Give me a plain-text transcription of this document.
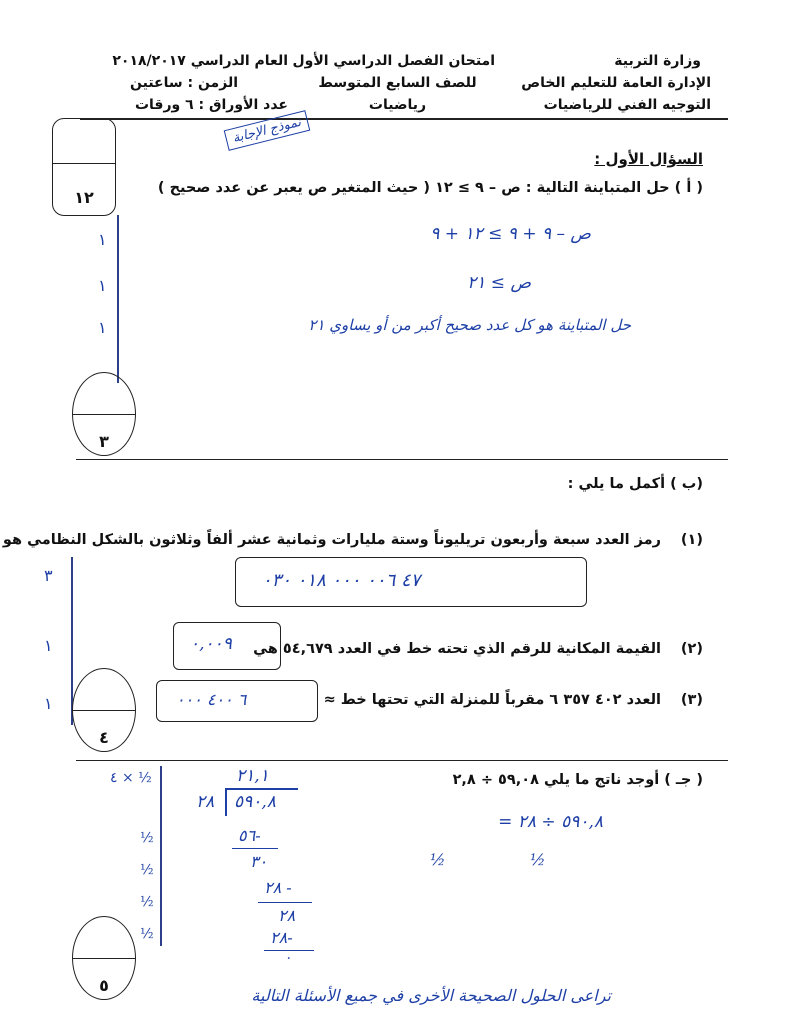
وزارة التربية
الإدارة العامة للتعليم الخاص
التوجيه الفني للرياضيات
امتحان الفصل الدراسي الأول
للصف السابع المتوسط
رياضيات
العام الدراسي ٢٠١٨/٢٠١٧
الزمن : ساعتين
عدد الأوراق : ٦ ورقات
نموذج الإجابة
السؤال الأول :
١٢	( أ ) حل المتباينة التالية : ص – ٩ ≥ ١٢ ( حيث المتغير ص يعبر عن عدد صحيح )
ص – ٩ + ٩ ≥ ١٢ + ٩
ص ≥ ٢١
حل المتباينة هو كل عدد صحيح أكبر من أو يساوي ٢١
١
١
١
٣
(ب ) أكمل ما يلي :
(١)
رمز العدد سبعة وأربعون تريليوناً وستة مليارات وثمانية عشر ألفاً وثلاثون بالشكل النظامي هو
٤٧ ٠٠٦ ٠٠٠ ٠١٨ ٠٣٠
٣
(٢)
القيمة المكانية للرقم الذي تحته خط في العدد ٥٤,٦٧٩ هي
٠,٠٠٩
١
(٣)
العدد ٤٠٢ ٣٥٧ ٦ مقرباً للمنزلة التي تحتها خط ≈
٦ ٤٠٠ ٠٠٠
١
٤
( جـ ) أوجد ناتج ما يلي ٥٩,٠٨ ÷ ٢,٨
٥٩٠,٨ ÷ ٢٨ =
½
½
٢١,١
٢٨ ٥٩٠,٨
٥٦-
٣٠
٢٨ -
٢٨
٢٨-
٠
٤ × ½
½
½
½
½
٥
تراعى الحلول الصحيحة الأخرى في جميع الأسئلة التالية
